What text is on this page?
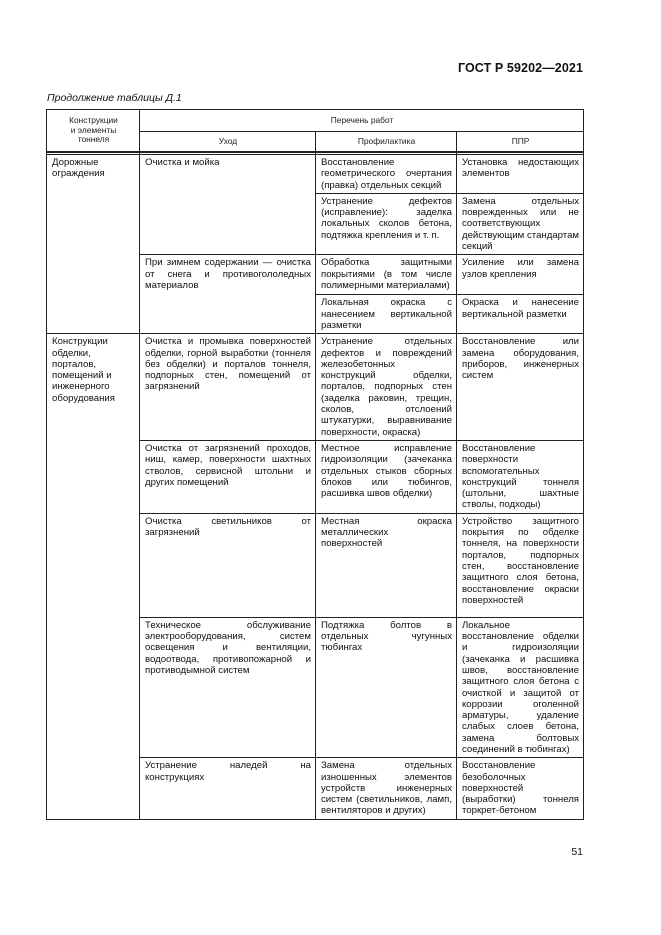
ГОСТ Р 59202—2021
Продолжение таблицы Д.1
Конструкции
и элементы
тоннеля	Перечень работ		
	Уход	Профилактика	ППР

Дорожные ограждения	Очистка и мойка	Восстановление геометрического очертания (правка) отдельных секций	Установка недостающих элементов
		Устранение дефектов (исправление): заделка локальных сколов бетона, подтяжка крепления и т. п.	Замена отдельных поврежденных или не соответствующих действующим стандартам секций
	При зимнем содержании — очистка от снега и противогололедных материалов	Обработка защитными покрытиями (в том числе полимерными материалами)	Усиление или замена узлов крепления
		Локальная окраска с нанесением вертикальной разметки	Окраска и нанесение вертикальной разметки
Конструкции обделки, порталов, помещений и инженерного оборудования	Очистка и промывка поверхностей обделки, горной выработки (тоннеля без обделки) и порталов тоннеля, подпорных стен, помещений от загрязнений	Устранение отдельных дефектов и повреждений железобетонных конструкций обделки, порталов, подпорных стен (заделка раковин, трещин, сколов, отслоений штукатурки, выравнивание поверхности, окраска)	Восстановление или замена оборудования, приборов, инженерных систем
	Очистка от загрязнений проходов, ниш, камер, поверхности шахтных стволов, сервисной штольни и других помещений	Местное исправление гидроизоляции (зачеканка отдельных стыков сборных блоков или тюбингов, расшивка швов обделки)	Восстановление поверхности вспомогательных конструкций тоннеля (штольни, шахтные стволы, подходы)
	Очистка светильников от загрязнений	Местная окраска металлических поверхностей	Устройство защитного покрытия по обделке тоннеля, на поверхности порталов, подпорных стен, восстановление защитного слоя бетона, восстановление окраски поверхностей
	Техническое обслуживание электрооборудования, систем освещения и вентиляции, водоотвода, противопожарной и противодымной систем	Подтяжка болтов в отдельных чугунных тюбингах	Локальное восстановление обделки и гидроизоляции (зачеканка и расшивка швов, восстановление защитного слоя бетона с очисткой и защитой от коррозии оголенной арматуры, удаление слабых слоев бетона, замена болтовых соединений в тюбингах)
	Устранение наледей на конструкциях	Замена отдельных изношенных элементов устройств инженерных систем (светильников, ламп, вентиляторов и других)	Восстановление безоболочных поверхностей (выработки) тоннеля торкрет-бетоном
51
